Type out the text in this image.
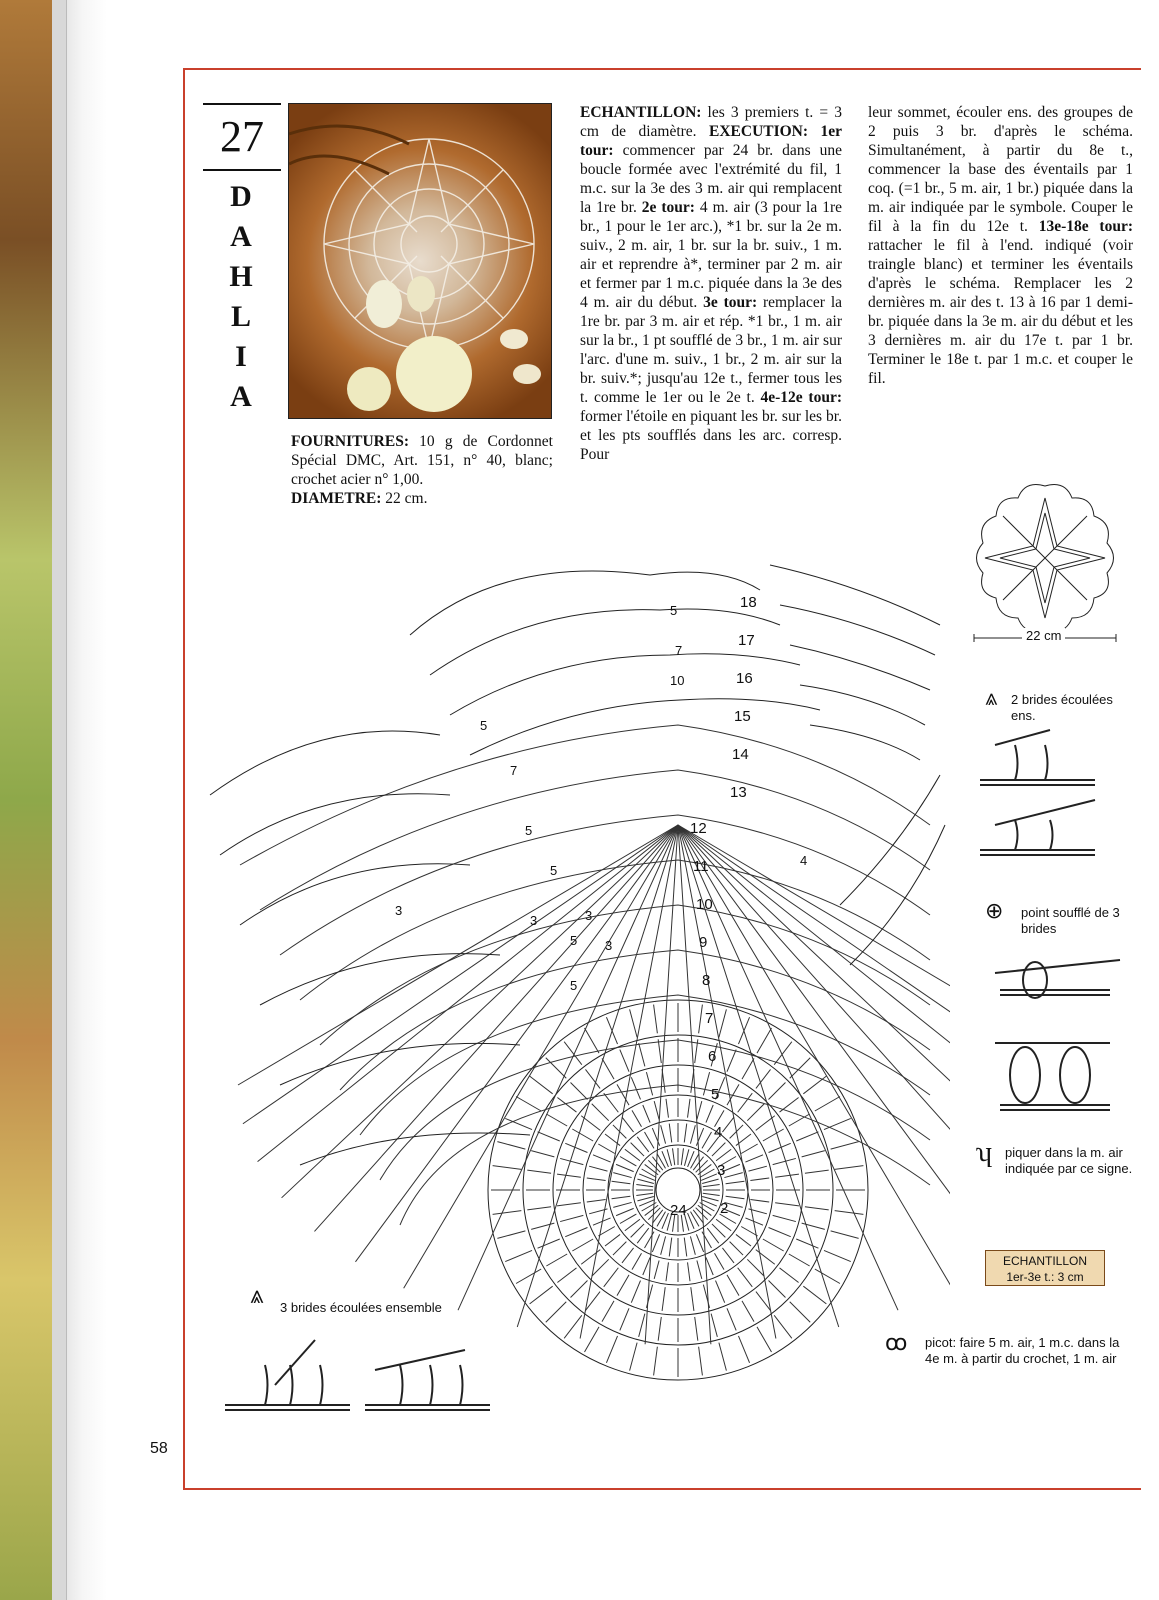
27
D
A
H
L
I
A
FOURNITURES: 10 g de Cordonnet Spécial DMC, Art. 151, n° 40, blanc; crochet acier n° 1,00.
DIAMETRE: 22 cm.
ECHANTILLON: les 3 premiers t. = 3 cm de diamètre. EXECUTION: 1er tour: commencer par 24 br. dans une boucle formée avec l'extrémité du fil, 1 m.c. sur la 3e des 3 m. air qui remplacent la 1re br. 2e tour: 4 m. air (3 pour la 1re br., 1 pour le 1er arc.), *1 br. sur la 2e m. suiv., 2 m. air, 1 br. sur la br. suiv., 1 m. air et reprendre à*, terminer par 2 m. air et fermer par 1 m.c. piquée dans la 3e des 4 m. air du début. 3e tour: remplacer la 1re br. par 3 m. air et rép. *1 br., 1 m. air sur la br., 1 pt soufflé de 3 br., 1 m. air sur l'arc. d'une m. suiv., 1 br., 2 m. air sur la br. suiv.*; jusqu'au 12e t., fermer tous les t. comme le 1er ou le 2e t. 4e-12e tour: former l'étoile en piquant les br. sur les br. et les pts soufflés dans les arc. corresp. Pour
leur sommet, écouler ens. des groupes de 2 puis 3 br. d'après le schéma. Simultanément, à partir du 8e t., commencer la base des éventails par 1 coq. (=1 br., 5 m. air, 1 br.) piquée dans la m. air indiquée par le symbole. Couper le fil à la fin du 12e t. 13e-18e tour: rattacher le fil à l'end. indiqué (voir traingle blanc) et terminer les éventails d'après le schéma. Remplacer les 2 dernières m. air des t. 13 à 16 par 1 demi-br. piquée dans la 3e m. air du début et les 3 dernières m. air du 17e t. par 1 br. Terminer le 18e t. par 1 m.c. et couper le fil.
22 cm
18
17
16
15
14
13
12
11
10
9
8
7
6
5
4
3
2
24
5
7
10
5
7
5
5
3
3
5 3
5
3
4
⩓ 2 brides écoulées ens.
⊕ point soufflé de 3 brides
ʮ piquer dans la m. air indiquée par ce signe.
ECHANTILLON
1er-3e t.: 3 cm
ꝏ picot: faire 5 m. air, 1 m.c. dans la 4e m. à partir du crochet, 1 m. air
⩓ 3 brides écoulées ensemble
58
